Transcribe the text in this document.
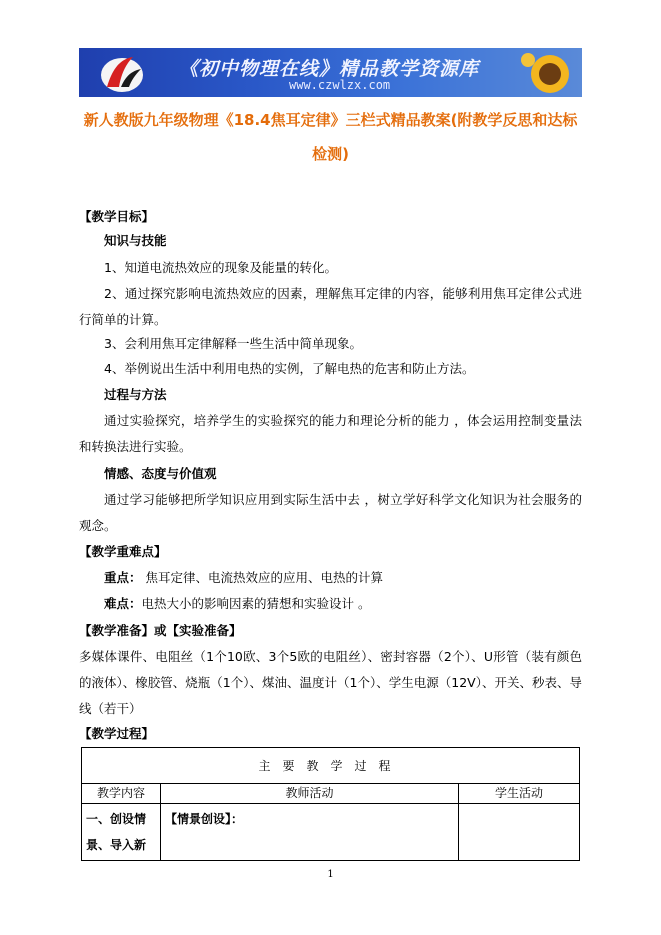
《初中物理在线》精品教学资源库
www.czwlzx.com
新人教版九年级物理《18.4焦耳定律》三栏式精品教案(附教学反思和达标检测)
【教学目标】
知识与技能
1、知道电流热效应的现象及能量的转化。
2、通过探究影响电流热效应的因素，理解焦耳定律的内容，能够利用焦耳定律公式进行简单的计算。
3、会利用焦耳定律解释一些生活中简单现象。
4、举例说出生活中利用电热的实例，了解电热的危害和防止方法。
过程与方法
通过实验探究，培养学生的实验探究的能力和理论分析的能力 ，体会运用控制变量法和转换法进行实验。
情感、态度与价值观
通过学习能够把所学知识应用到实际生活中去 ，树立学好科学文化知识为社会服务的观念。
【教学重难点】
重点： 焦耳定律、电流热效应的应用、电热的计算
难点：电热大小的影响因素的猜想和实验设计 。
【教学准备】或【实验准备】
多媒体课件、电阻丝（1个10欧、3个5欧的电阻丝）、密封容器（2个）、U形管（装有颜色的液体）、橡胶管、烧瓶（1个）、煤油、温度计（1个）、学生电源（12V）、开关、秒表、导线（若干）
【教学过程】
主要教学过程		
教学内容	教师活动	学生活动
一、创设情景、导入新	【情景创设】：	
1
